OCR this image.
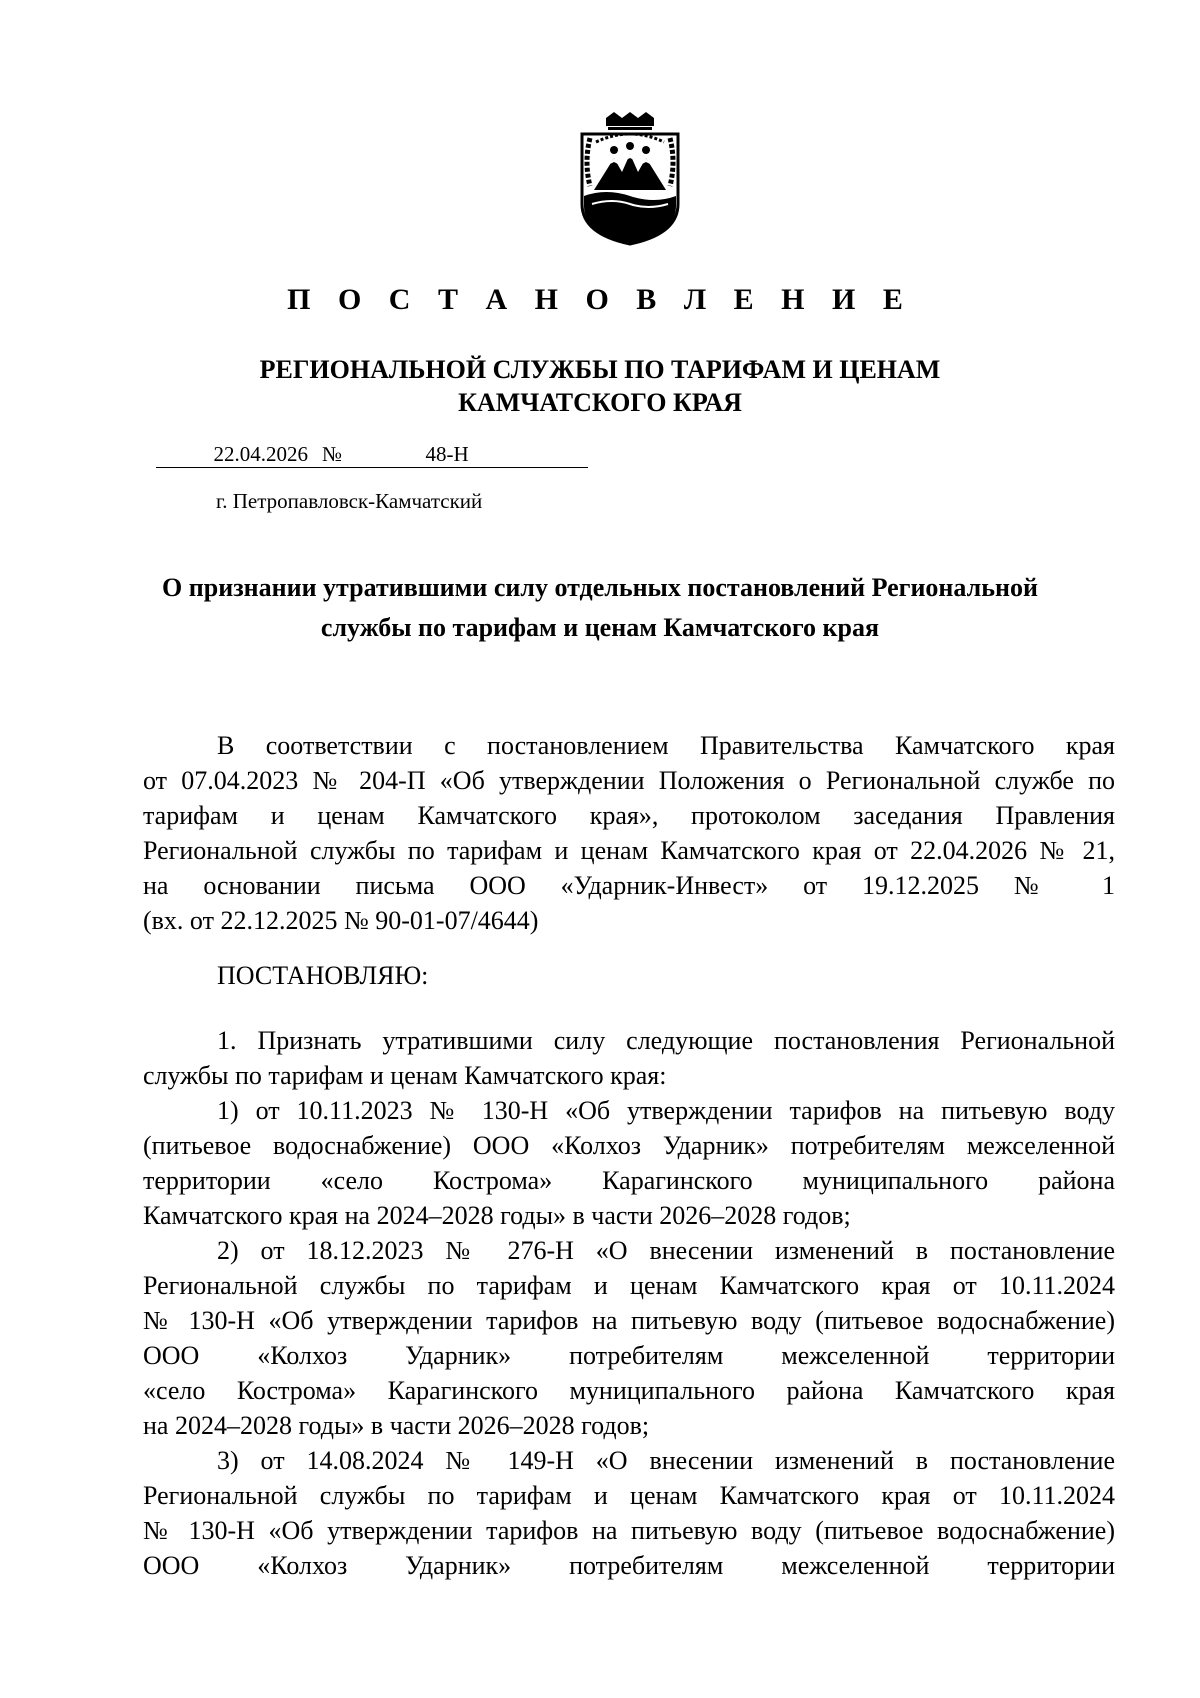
П О С Т А Н О В Л Е Н И Е
РЕГИОНАЛЬНОЙ СЛУЖБЫ ПО ТАРИФАМ И ЦЕНАМ
КАМЧАТСКОГО КРАЯ
22.04.2026 №	48-Н
г. Петропавловск-Камчатский
О признании утратившими силу отдельных постановлений Региональной
службы по тарифам и ценам Камчатского края
В соответствии с постановлением Правительства Камчатского края
от 07.04.2023 № 204-П «Об утверждении Положения о Региональной службе по
тарифам и ценам Камчатского края», протоколом заседания Правления
Региональной службы по тарифам и ценам Камчатского края от 22.04.2026 № 21,
на основании письма ООО «Ударник-Инвест» от 19.12.2025 № 1
(вх. от 22.12.2025 № 90-01-07/4644)
ПОСТАНОВЛЯЮ:
1. Признать утратившими силу следующие постановления Региональной
службы по тарифам и ценам Камчатского края:
1) от 10.11.2023 № 130-Н «Об утверждении тарифов на питьевую воду
(питьевое водоснабжение) ООО «Колхоз Ударник» потребителям межселенной
территории «село Кострома» Карагинского муниципального района
Камчатского края на 2024–2028 годы» в части 2026–2028 годов;
2) от 18.12.2023 № 276-Н «О внесении изменений в постановление
Региональной службы по тарифам и ценам Камчатского края от 10.11.2024
№ 130-Н «Об утверждении тарифов на питьевую воду (питьевое водоснабжение)
ООО «Колхоз Ударник» потребителям межселенной территории
«село Кострома» Карагинского муниципального района Камчатского края
на 2024–2028 годы» в части 2026–2028 годов;
3) от 14.08.2024 № 149-Н «О внесении изменений в постановление
Региональной службы по тарифам и ценам Камчатского края от 10.11.2024
№ 130-Н «Об утверждении тарифов на питьевую воду (питьевое водоснабжение)
ООО «Колхоз Ударник» потребителям межселенной территории
